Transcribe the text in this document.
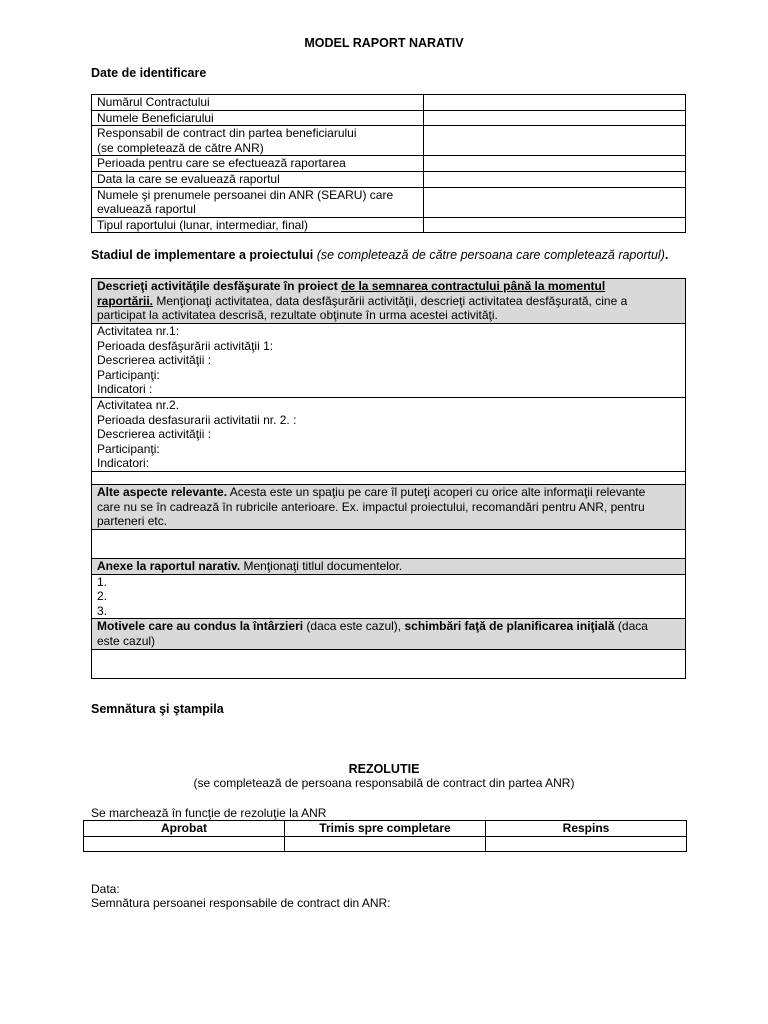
MODEL RAPORT NARATIV
Date de identificare
Numărul Contractului	
Numele Beneficiarului	

Responsabil de contract din partea beneficiarului
(se completează de către ANR)	

Perioada pentru care se efectuează raportarea	
Data la care se evaluează raportul	

Numele şi prenumele persoanei din ANR (SEARU) care
evaluează raportul	

Tipul raportului (lunar, intermediar, final)	
Stadiul de implementare a proiectului (se completează de către persoana care completează raportul).
Descrieţi activităţile desfăşurate în proiect de la semnarea contractului până la momentul
raportării. Menţionaţi activitatea, data desfăşurării activităţii, descrieţi activitatea desfăşurată, cine a
participat la activitatea descrisă, rezultate obţinute în urma acestei activităţi.

Activitatea nr.1:
Perioada desfăşurării activităţii 1:
Descrierea activităţii :
Participanţi:
Indicatori :

Activitatea nr.2.
Perioada desfasurarii activitatii nr. 2. :
Descrierea activităţii :
Participanţi:
Indicatori:

Alte aspecte relevante. Acesta este un spaţiu pe care îl puteţi acoperi cu orice alte informaţii relevante
care nu se în cadrează în rubricile anterioare. Ex. impactul proiectului, recomandări pentru ANR, pentru
parteneri etc.

Anexe la raportul narativ. Menţionaţi titlul documentelor.

1.
2.
3.

Motivele care au condus la întârzieri (daca este cazul), schimbări faţă de planificarea iniţială (daca
este cazul)

Semnătura şi ştampila
REZOLUTIE
(se completează de persoana responsabilă de contract din partea ANR)
Se marchează în funcţie de rezoluţie la ANR
Aprobat	Trimis spre completare	Respins

Data:
Semnătura persoanei responsabile de contract din ANR:
